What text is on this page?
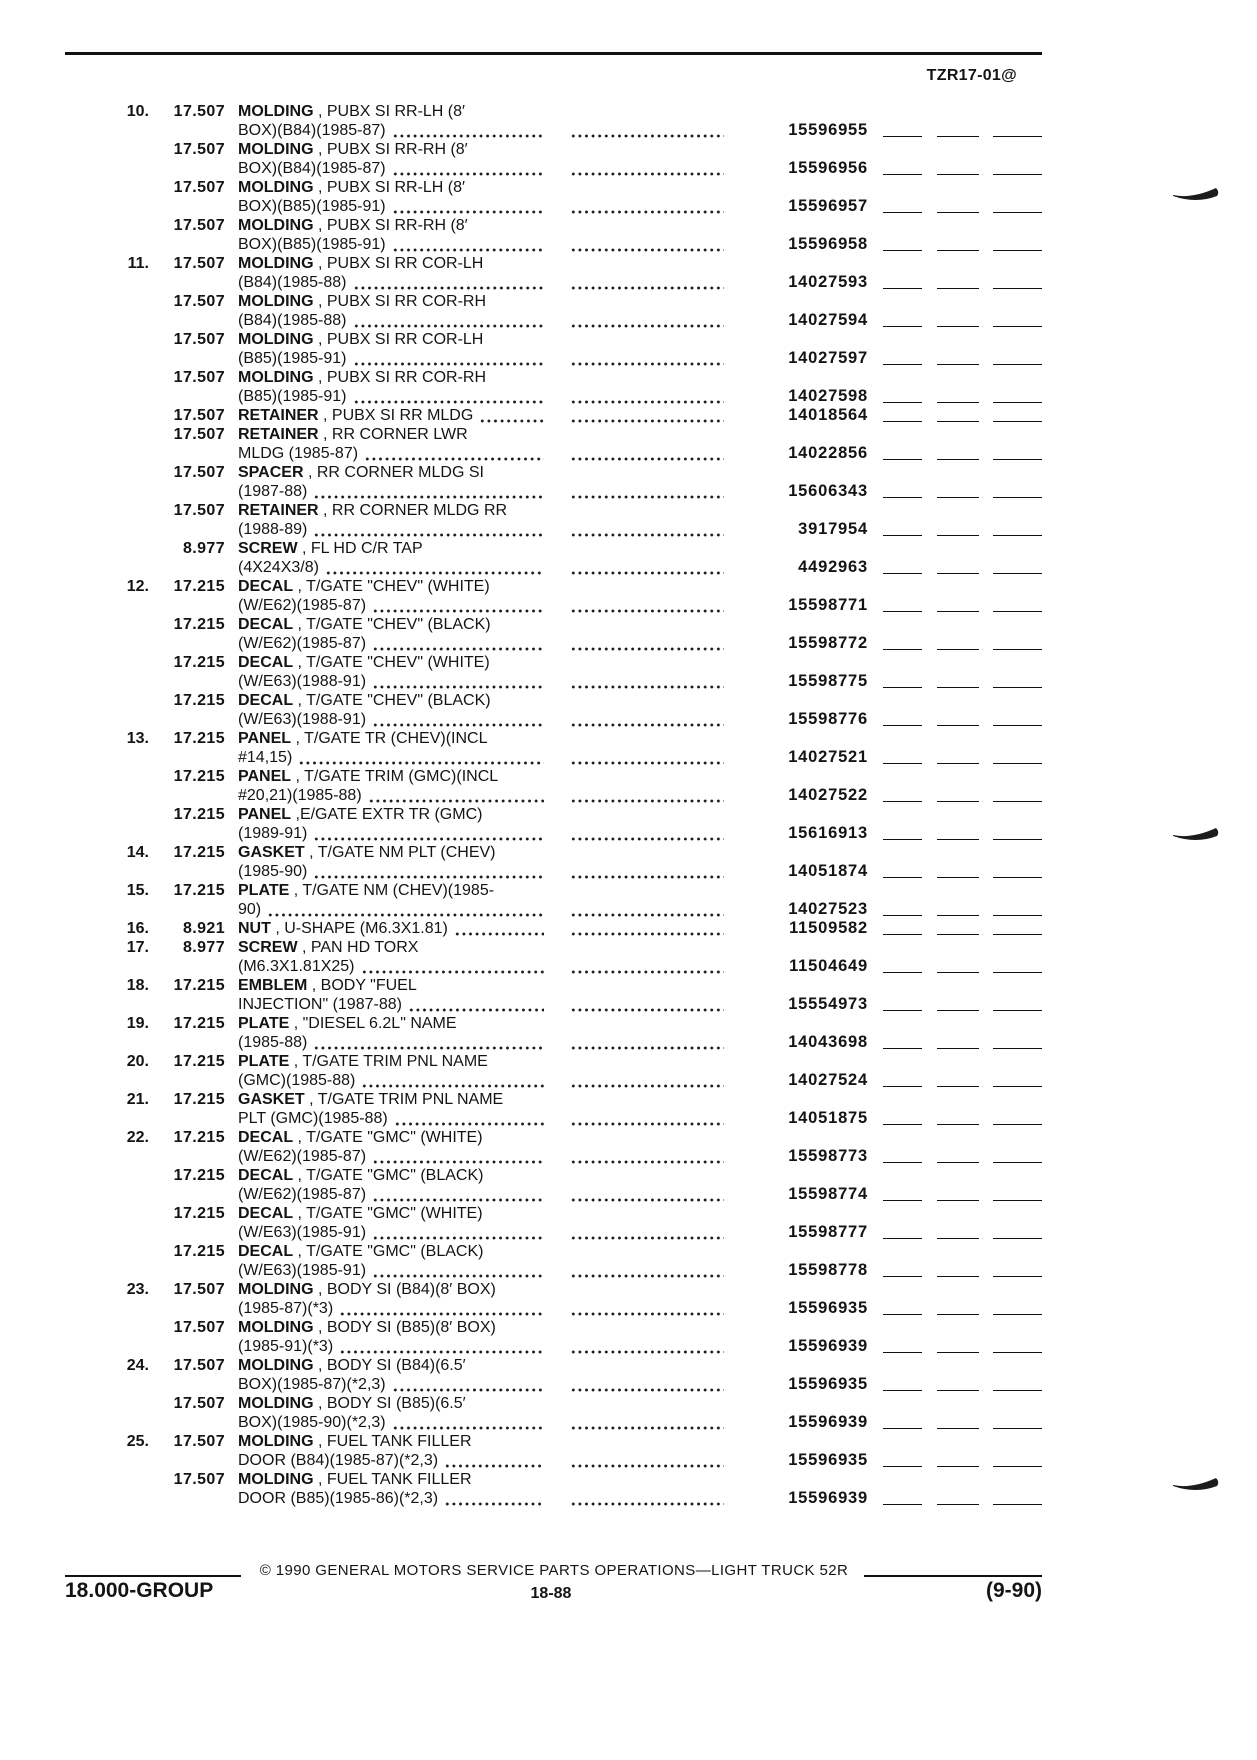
TZR17-01@
10.	17.507 MOLDING , PUBX SI RR-LH (8′
BOX)(B84)(1985-87)	15596955
17.507 MOLDING , PUBX SI RR-RH (8′
BOX)(B84)(1985-87)	15596956
17.507 MOLDING , PUBX SI RR-LH (8′
BOX)(B85)(1985-91)	15596957
17.507 MOLDING , PUBX SI RR-RH (8′
BOX)(B85)(1985-91)	15596958
11.	17.507 MOLDING , PUBX SI RR COR-LH
(B84)(1985-88)	14027593
17.507 MOLDING , PUBX SI RR COR-RH
(B84)(1985-88)	14027594
17.507 MOLDING , PUBX SI RR COR-LH
(B85)(1985-91)	14027597
17.507 MOLDING , PUBX SI RR COR-RH
(B85)(1985-91)	14027598
17.507 RETAINER , PUBX SI RR MLDG	14018564
17.507 RETAINER , RR CORNER LWR
MLDG (1985-87)	14022856
17.507 SPACER , RR CORNER MLDG SI
(1987-88)	15606343
17.507 RETAINER , RR CORNER MLDG RR
(1988-89)	3917954
8.977 SCREW , FL HD C/R TAP
(4X24X3/8)	4492963
12.	17.215 DECAL , T/GATE "CHEV" (WHITE)
(W/E62)(1985-87)	15598771
17.215 DECAL , T/GATE "CHEV" (BLACK)
(W/E62)(1985-87)	15598772
17.215 DECAL , T/GATE "CHEV" (WHITE)
(W/E63)(1988-91)	15598775
17.215 DECAL , T/GATE "CHEV" (BLACK)
(W/E63)(1988-91)	15598776
13.	17.215 PANEL , T/GATE TR (CHEV)(INCL
#14,15)	14027521
17.215 PANEL , T/GATE TRIM (GMC)(INCL
#20,21)(1985-88)	14027522
17.215 PANEL ,E/GATE EXTR TR (GMC)
(1989-91)	15616913
14.	17.215 GASKET , T/GATE NM PLT (CHEV)
(1985-90)	14051874
15.	17.215 PLATE , T/GATE NM (CHEV)(1985-
90)	14027523
16.	8.921 NUT , U-SHAPE (M6.3X1.81)	11509582
17.	8.977 SCREW , PAN HD TORX
(M6.3X1.81X25)	11504649
18.	17.215 EMBLEM , BODY "FUEL
INJECTION" (1987-88)	15554973
19.	17.215 PLATE , "DIESEL 6.2L" NAME
(1985-88)	14043698
20.	17.215 PLATE , T/GATE TRIM PNL NAME
(GMC)(1985-88)	14027524
21.	17.215 GASKET , T/GATE TRIM PNL NAME
PLT (GMC)(1985-88)	14051875
22.	17.215 DECAL , T/GATE "GMC" (WHITE)
(W/E62)(1985-87)	15598773
17.215 DECAL , T/GATE "GMC" (BLACK)
(W/E62)(1985-87)	15598774
17.215 DECAL , T/GATE "GMC" (WHITE)
(W/E63)(1985-91)	15598777
17.215 DECAL , T/GATE "GMC" (BLACK)
(W/E63)(1985-91)	15598778
23.	17.507 MOLDING , BODY SI (B84)(8′ BOX)
(1985-87)(*3)	15596935
17.507 MOLDING , BODY SI (B85)(8′ BOX)
(1985-91)(*3)	15596939
24.	17.507 MOLDING , BODY SI (B84)(6.5′
BOX)(1985-87)(*2,3)	15596935
17.507 MOLDING , BODY SI (B85)(6.5′
BOX)(1985-90)(*2,3)	15596939
25.	17.507 MOLDING , FUEL TANK FILLER
DOOR (B84)(1985-87)(*2,3)	15596935
17.507 MOLDING , FUEL TANK FILLER
DOOR (B85)(1985-86)(*2,3)	15596939
© 1990 GENERAL MOTORS SERVICE PARTS OPERATIONS—LIGHT TRUCK 52R
18.000-GROUP	18-88	(9-90)
